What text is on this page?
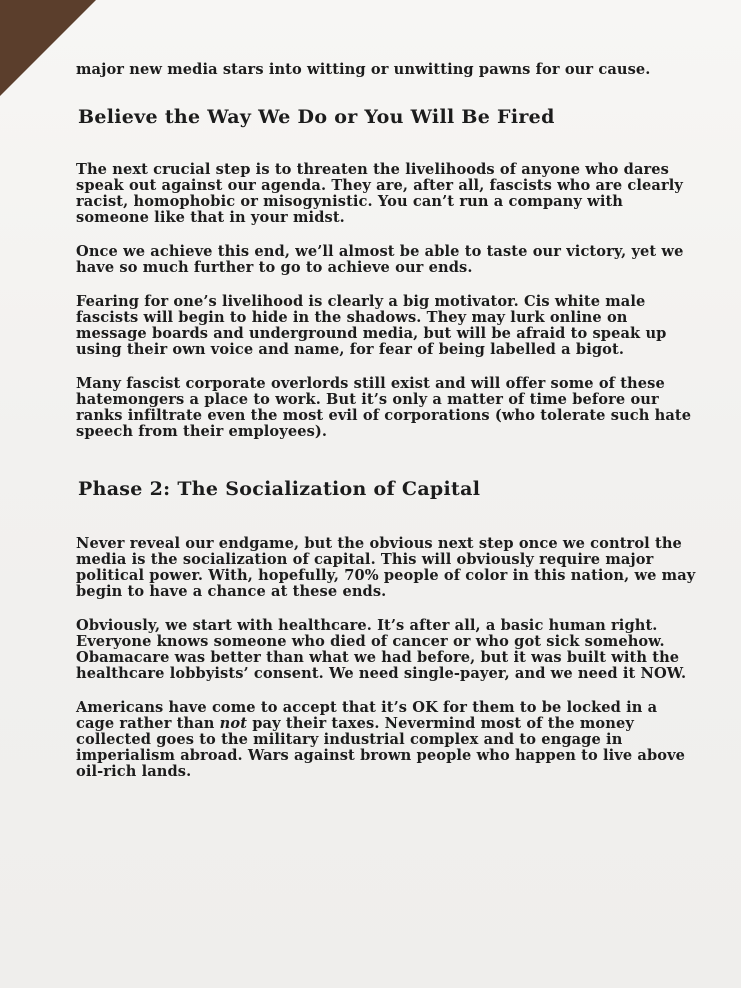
major new media stars into witting or unwitting pawns for our cause.

Believe the Way We Do or You Will Be Fired

The next crucial step is to threaten the livelihoods of anyone who dares speak out against our agenda. They are, after all, fascists who are clearly racist, homophobic or misogynistic. You can’t run a company with someone like that in your midst.

Once we achieve this end, we’ll almost be able to taste our victory, yet we have so much further to go to achieve our ends.

Fearing for one’s livelihood is clearly a big motivator. Cis white male fascists will begin to hide in the shadows. They may lurk online on message boards and underground media, but will be afraid to speak up using their own voice and name, for fear of being labelled a bigot.

Many fascist corporate overlords still exist and will offer some of these hatemongers a place to work. But it’s only a matter of time before our ranks infiltrate even the most evil of corporations (who tolerate such hate speech from their employees).

Phase 2: The Socialization of Capital

Never reveal our endgame, but the obvious next step once we control the media is the socialization of capital. This will obviously require major political power. With, hopefully, 70% people of color in this nation, we may begin to have a chance at these ends.

Obviously, we start with healthcare. It’s after all, a basic human right. Everyone knows someone who died of cancer or who got sick somehow. Obamacare was better than what we had before, but it was built with the healthcare lobbyists’ consent. We need single-payer, and we need it NOW.

Americans have come to accept that it’s OK for them to be locked in a cage rather than not pay their taxes. Nevermind most of the money collected goes to the military industrial complex and to engage in imperialism abroad. Wars against brown people who happen to live above oil-rich lands.
